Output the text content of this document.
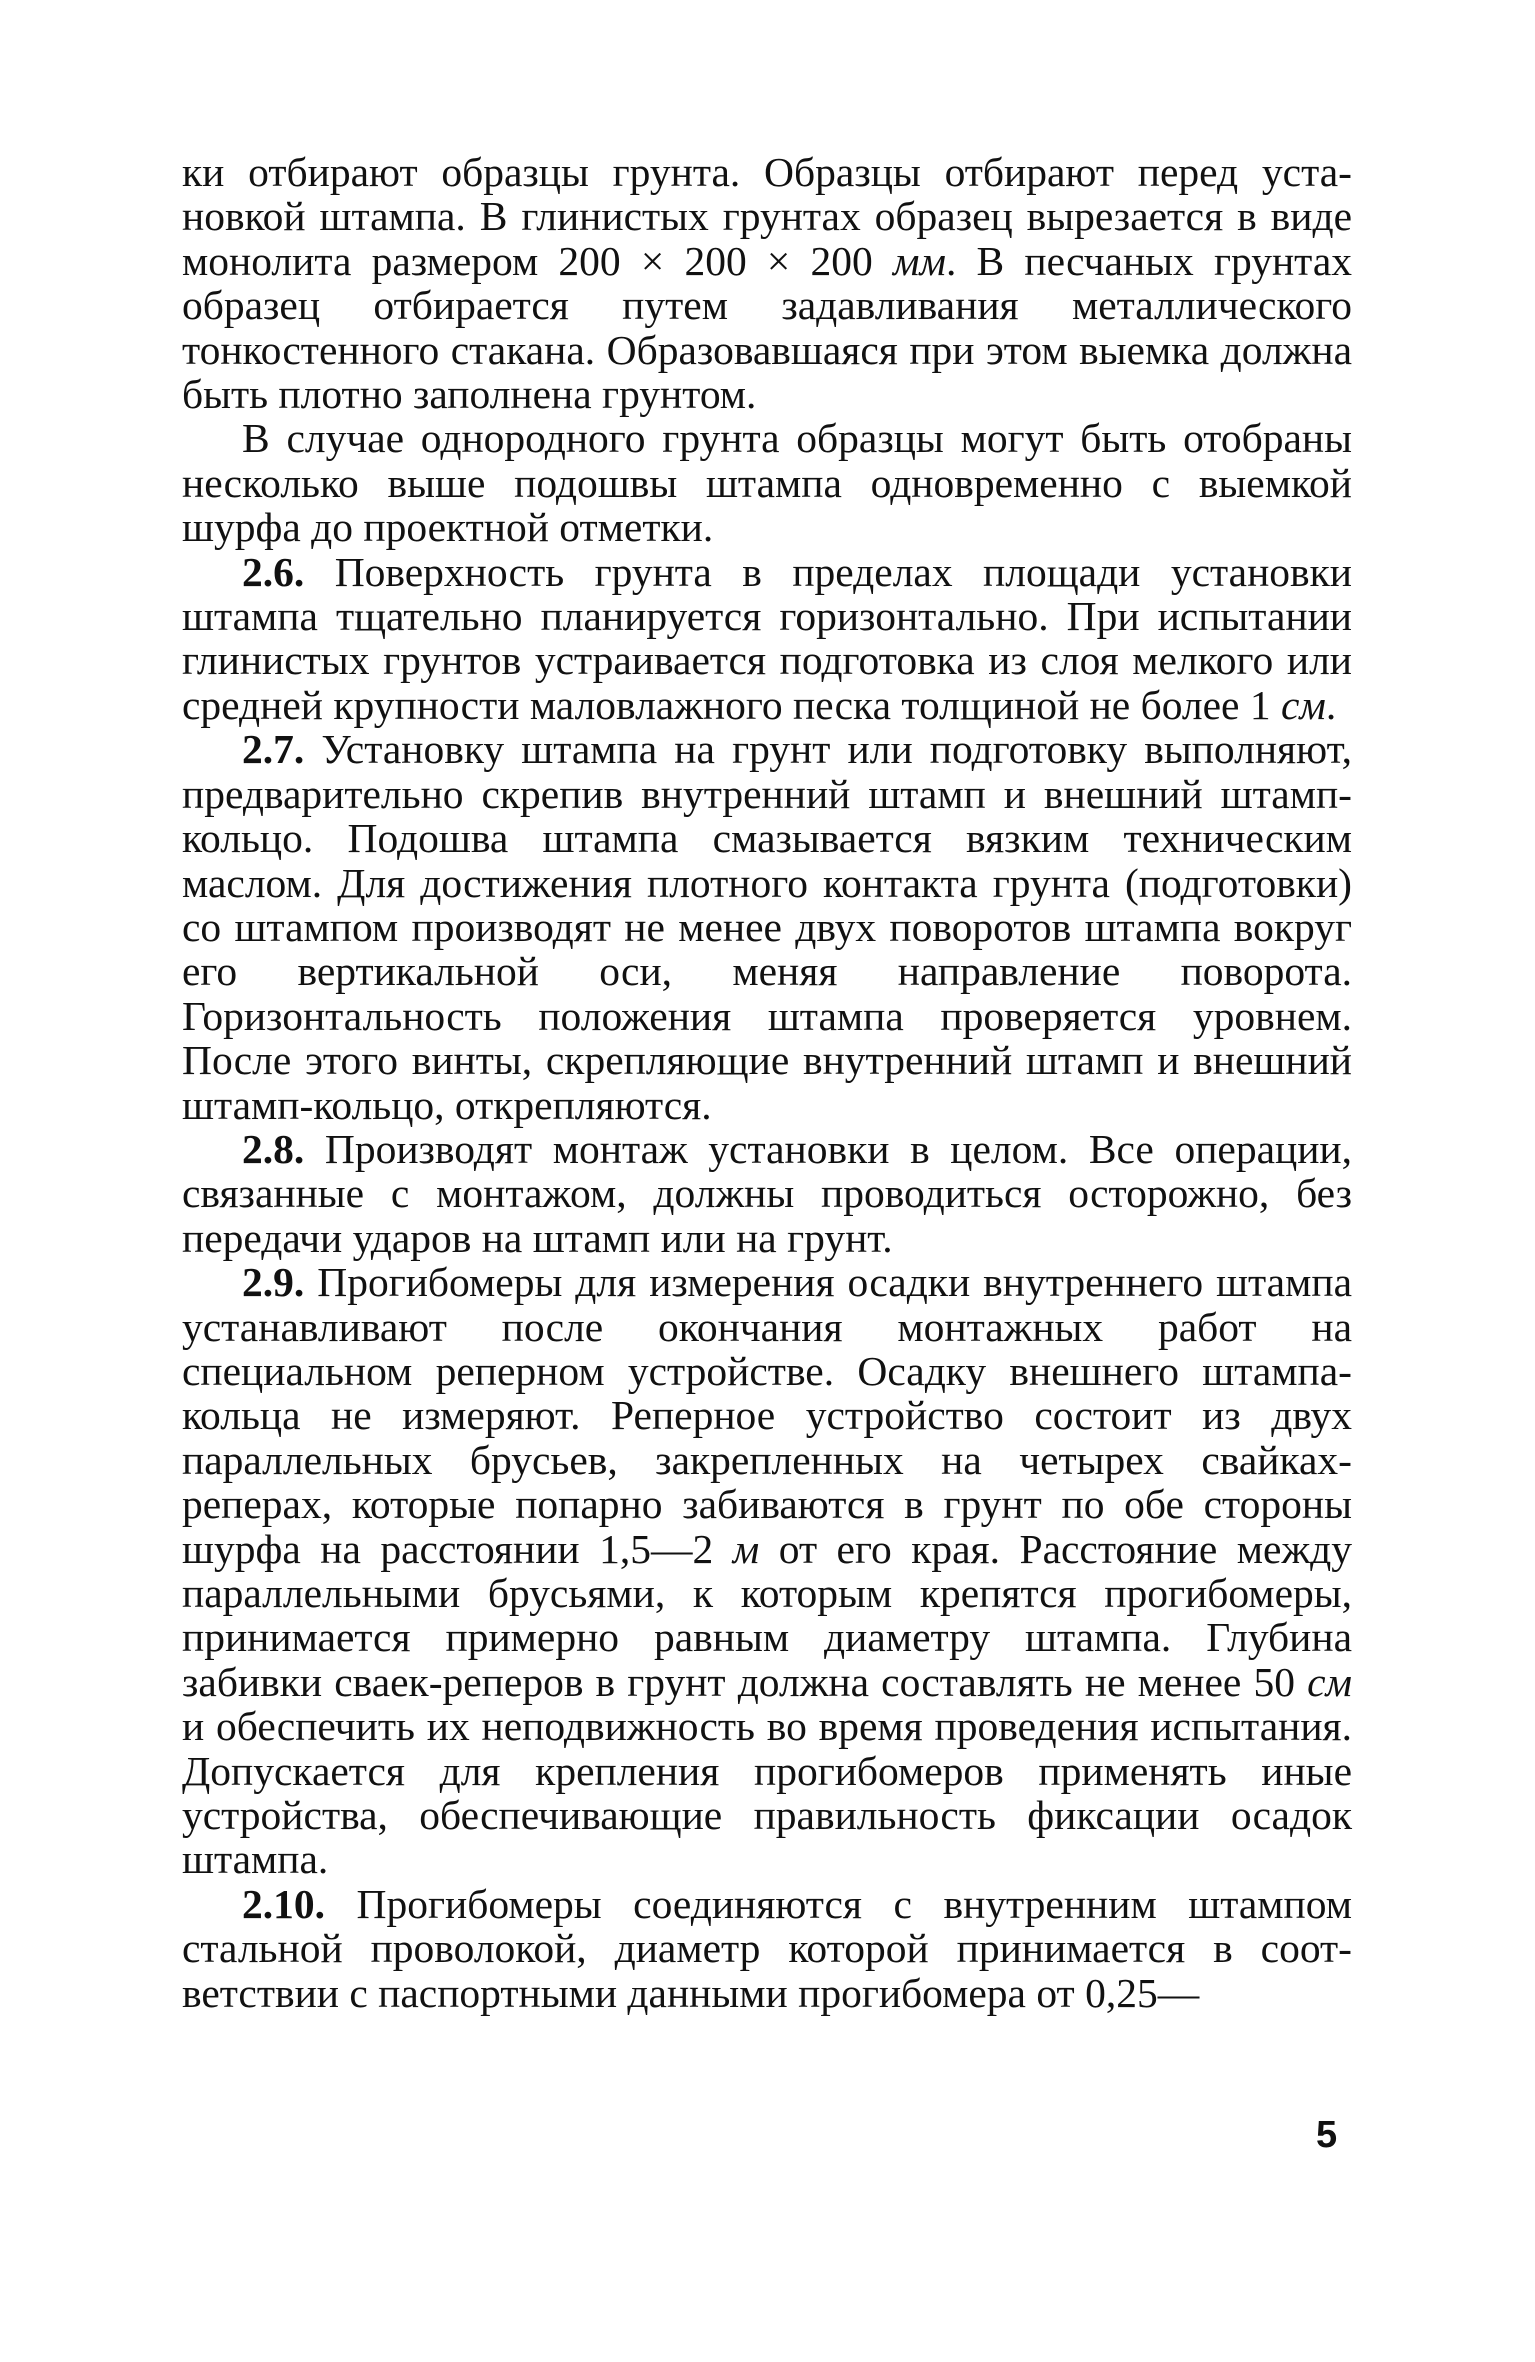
ки отбирают образцы грунта. Образцы отбирают перед установкой штампа. В глинистых грунтах образец вырезается в виде монолита размером 200 × 200 × 200 мм. В песчаных грунтах образец отбирается путем задавливания металлического тонкостенного стакана. Образовавшаяся при этом выемка должна быть плотно заполнена грунтом.

В случае однородного грунта образцы могут быть отобраны несколько выше подошвы штампа одновременно с выемкой шурфа до проектной отметки.

2.6. Поверхность грунта в пределах площади установки штампа тщательно планируется горизонтально. При испытании глинистых грунтов устраивается подготовка из слоя мелкого или средней крупности маловлажного песка толщиной не более 1 см.

2.7. Установку штампа на грунт или подготовку выполняют, предварительно скрепив внутренний штамп и внешний штамп-кольцо. Подошва штампа смазывается вязким техническим маслом. Для достижения плотного контакта грунта (подготовки) со штампом производят не менее двух поворотов штампа вокруг его вертикальной оси, меняя направление поворота. Горизонтальность положения штампа проверяется уровнем. После этого винты, скрепляющие внутренний штамп и внешний штамп-кольцо, открепляются.

2.8. Производят монтаж установки в целом. Все операции, связанные с монтажом, должны проводиться осторожно, без передачи ударов на штамп или на грунт.

2.9. Прогибомеры для измерения осадки внутреннего штампа устанавливают после окончания монтажных работ на специальном реперном устройстве. Осадку внешнего штампа-кольца не измеряют. Реперное устройство состоит из двух параллельных брусьев, закрепленных на четырех свайках-реперах, которые попарно забиваются в грунт по обе стороны шурфа на расстоянии 1,5—2 м от его края. Расстояние между параллельными брусьями, к которым крепятся прогибомеры, принимается примерно равным диаметру штампа. Глубина забивки сваек-реперов в грунт должна составлять не менее 50 см и обеспечить их неподвижность во время проведения испытания. Допускается для крепления прогибомеров применять иные устройства, обеспечивающие правильность фиксации осадок штампа.

2.10. Прогибомеры соединяются с внутренним штампом стальной проволокой, диаметр которой принимается в соответствии с паспортными данными прогибомера от 0,25—

5
